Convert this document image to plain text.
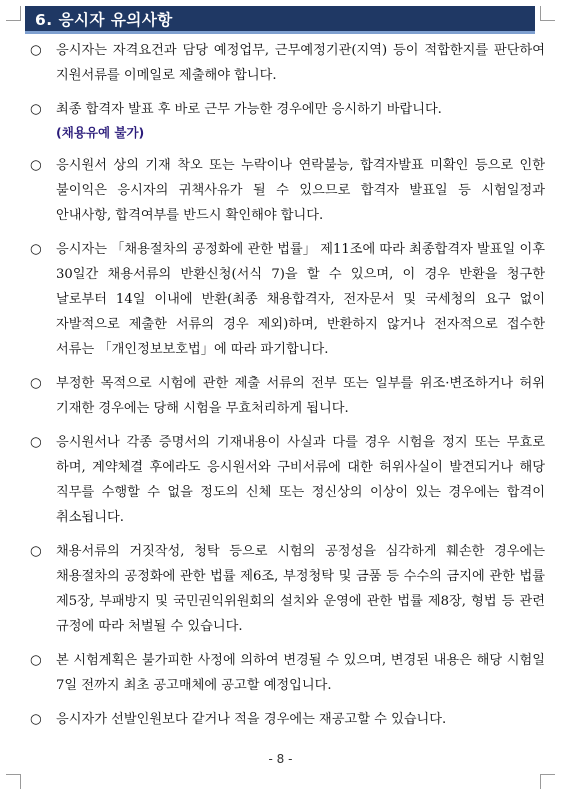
6. 응시자 유의사항
○	응시자는 자격요건과 담당 예정업무, 근무예정기관(지역) 등이 적합한지를 판단하여 지원서류를 이메일로 제출해야 합니다.
○	최종 합격자 발표 후 바로 근무 가능한 경우에만 응시하기 바랍니다.
(채용유예 불가)
○	응시원서 상의 기재 착오 또는 누락이나 연락불능, 합격자발표 미확인 등으로 인한 불이익은 응시자의 귀책사유가 될 수 있으므로 합격자 발표일 등 시험일정과 안내사항, 합격여부를 반드시 확인해야 합니다.
○	응시자는 「채용절차의 공정화에 관한 법률」 제11조에 따라 최종합격자 발표일 이후 30일간 채용서류의 반환신청(서식 7)을 할 수 있으며, 이 경우 반환을 청구한 날로부터 14일 이내에 반환(최종 채용합격자, 전자문서 및 국세청의 요구 없이 자발적으로 제출한 서류의 경우 제외)하며, 반환하지 않거나 전자적으로 접수한 서류는 「개인정보보호법」에 따라 파기합니다.
○	부정한 목적으로 시험에 관한 제출 서류의 전부 또는 일부를 위조·변조하거나 허위 기재한 경우에는 당해 시험을 무효처리하게 됩니다.
○	응시원서나 각종 증명서의 기재내용이 사실과 다를 경우 시험을 정지 또는 무효로 하며, 계약체결 후에라도 응시원서와 구비서류에 대한 허위사실이 발견되거나 해당 직무를 수행할 수 없을 정도의 신체 또는 정신상의 이상이 있는 경우에는 합격이 취소됩니다.
○	채용서류의 거짓작성, 청탁 등으로 시험의 공정성을 심각하게 훼손한 경우에는 채용절차의 공정화에 관한 법률 제6조, 부정청탁 및 금품 등 수수의 금지에 관한 법률 제5장, 부패방지 및 국민권익위원회의 설치와 운영에 관한 법률 제8장, 형법 등 관련 규정에 따라 처벌될 수 있습니다.
○	본 시험계획은 불가피한 사정에 의하여 변경될 수 있으며, 변경된 내용은 해당 시험일 7일 전까지 최초 공고매체에 공고할 예정입니다.
○	응시자가 선발인원보다 같거나 적을 경우에는 재공고할 수 있습니다.
- 8 -
